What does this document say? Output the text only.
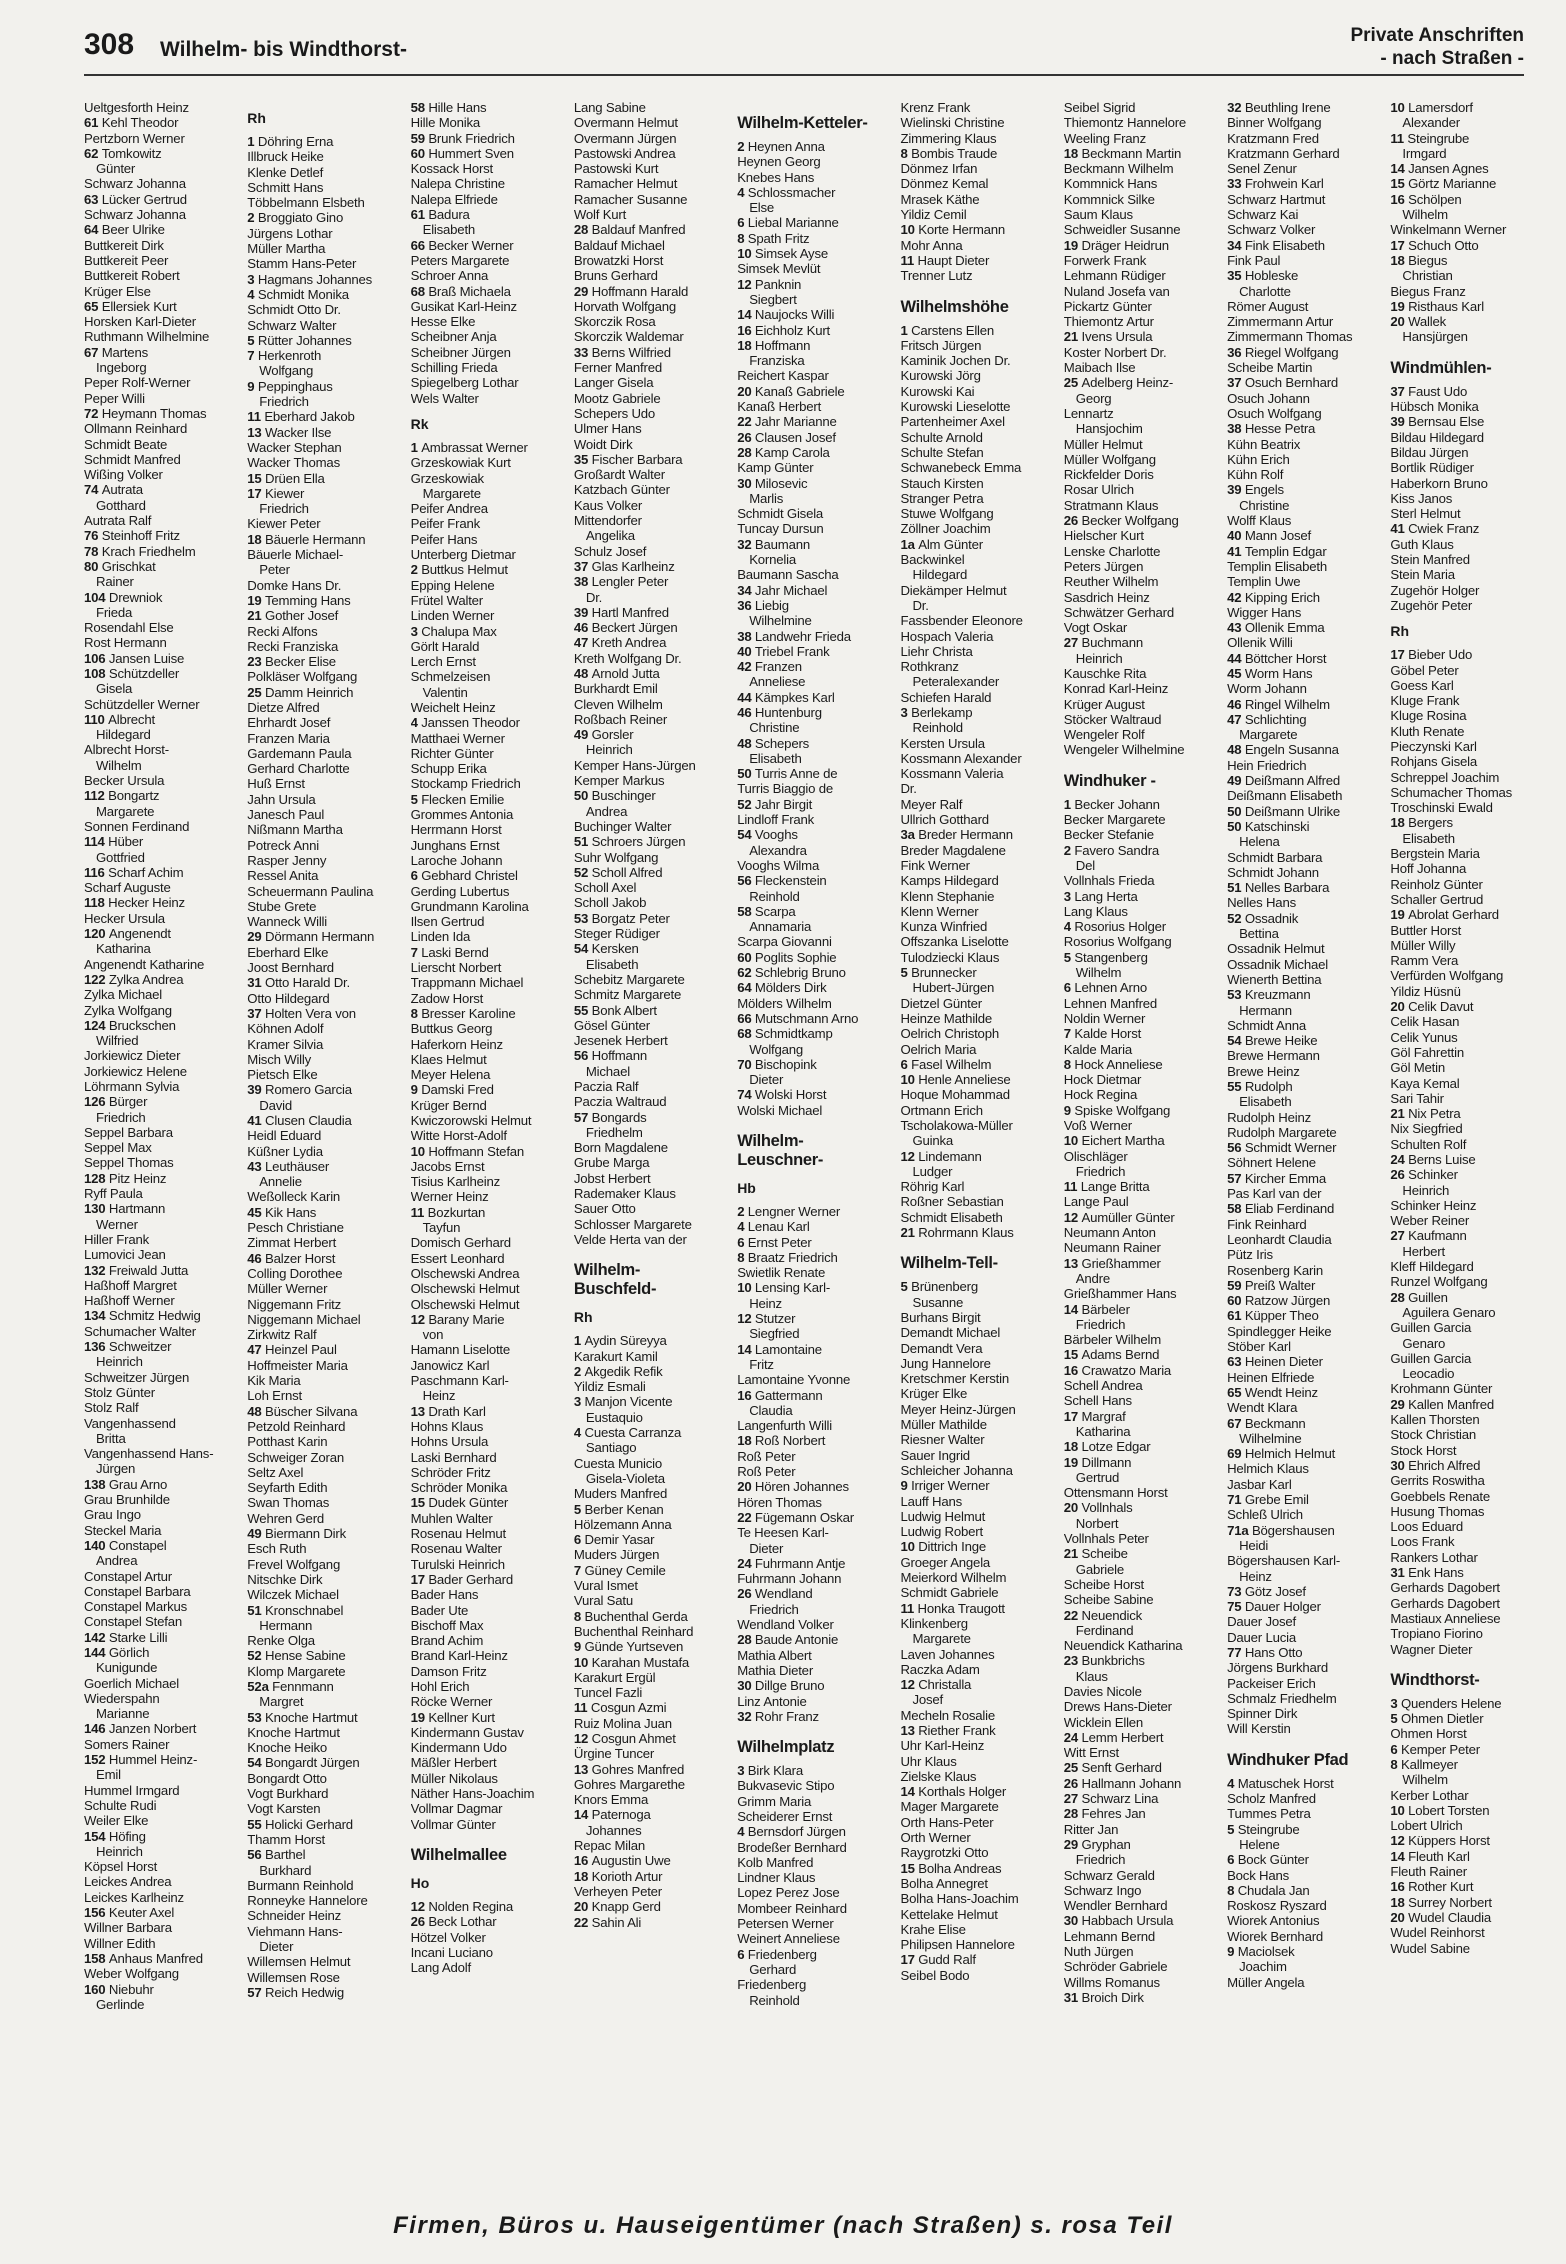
308 Wilhelm- bis Windthorst-
Private Anschriften
- nach Straßen -
Ueltgesforth Heinz
61 Kehl Theodor
Pertzborn Werner
62 Tomkowitz
Günter
Schwarz Johanna
63 Lücker Gertrud
Schwarz Johanna
64 Beer Ulrike
Buttkereit Dirk
Buttkereit Peer
Buttkereit Robert
Krüger Else
65 Ellersiek Kurt
Horsken Karl-Dieter
Ruthmann Wilhelmine
67 Martens
Ingeborg
Peper Rolf-Werner
Peper Willi
72 Heymann Thomas
Ollmann Reinhard
Schmidt Beate
Schmidt Manfred
Wißing Volker
74 Autrata
Gotthard
Autrata Ralf
76 Steinhoff Fritz
78 Krach Friedhelm
80 Grischkat
Rainer
104 Drewniok
Frieda
Rosendahl Else
Rost Hermann
106 Jansen Luise
108 Schützdeller
Gisela
Schützdeller Werner
110 Albrecht
Hildegard
Albrecht Horst-
Wilhelm
Becker Ursula
112 Bongartz
Margarete
Sonnen Ferdinand
114 Hüber
Gottfried
116 Scharf Achim
Scharf Auguste
118 Hecker Heinz
Hecker Ursula
120 Angenendt
Katharina
Angenendt Katharine
122 Zylka Andrea
Zylka Michael
Zylka Wolfgang
124 Bruckschen
Wilfried
Jorkiewicz Dieter
Jorkiewicz Helene
Löhrmann Sylvia
126 Bürger
Friedrich
Seppel Barbara
Seppel Max
Seppel Thomas
128 Pitz Heinz
Ryff Paula
130 Hartmann
Werner
Hiller Frank
Lumovici Jean
132 Freiwald Jutta
Haßhoff Margret
Haßhoff Werner
134 Schmitz Hedwig
Schumacher Walter
136 Schweitzer
Heinrich
Schweitzer Jürgen
Stolz Günter
Stolz Ralf
Vangenhassend
Britta
Vangenhassend Hans-
Jürgen
138 Grau Arno
Grau Brunhilde
Grau Ingo
Steckel Maria
140 Constapel
Andrea
Constapel Artur
Constapel Barbara
Constapel Markus
Constapel Stefan
142 Starke Lilli
144 Görlich
Kunigunde
Goerlich Michael
Wiederspahn
Marianne
146 Janzen Norbert
Somers Rainer
152 Hummel Heinz-
Emil
Hummel Irmgard
Schulte Rudi
Weiler Elke
154 Höfing
Heinrich
Köpsel Horst
Leickes Andrea
Leickes Karlheinz
156 Keuter Axel
Willner Barbara
Willner Edith
158 Anhaus Manfred
Weber Wolfgang
160 Niebuhr
Gerlinde
Rh
1 Döhring Erna
Illbruck Heike
Klenke Detlef
Schmitt Hans
Többelmann Elsbeth
2 Broggiato Gino
Jürgens Lothar
Müller Martha
Stamm Hans-Peter
3 Hagmans Johannes
4 Schmidt Monika
Schmidt Otto Dr.
Schwarz Walter
5 Rütter Johannes
7 Herkenroth
Wolfgang
9 Peppinghaus
Friedrich
11 Eberhard Jakob
13 Wacker Ilse
Wacker Stephan
Wacker Thomas
15 Drüen Ella
17 Kiewer
Friedrich
Kiewer Peter
18 Bäuerle Hermann
Bäuerle Michael-
Peter
Domke Hans Dr.
19 Temming Hans
21 Gother Josef
Recki Alfons
Recki Franziska
23 Becker Elise
Polkläser Wolfgang
25 Damm Heinrich
Dietze Alfred
Ehrhardt Josef
Franzen Maria
Gardemann Paula
Gerhard Charlotte
Huß Ernst
Jahn Ursula
Janesch Paul
Nißmann Martha
Potreck Anni
Rasper Jenny
Ressel Anita
Scheuermann Paulina
Stube Grete
Wanneck Willi
29 Dörmann Hermann
Eberhard Elke
Joost Bernhard
31 Otto Harald Dr.
Otto Hildegard
37 Holten Vera von
Köhnen Adolf
Kramer Silvia
Misch Willy
Pietsch Elke
39 Romero Garcia
David
41 Clusen Claudia
Heidl Eduard
Küßner Lydia
43 Leuthäuser
Annelie
Weßolleck Karin
45 Kik Hans
Pesch Christiane
Zimmat Herbert
46 Balzer Horst
Colling Dorothee
Müller Werner
Niggemann Fritz
Niggemann Michael
Zirkwitz Ralf
47 Heinzel Paul
Hoffmeister Maria
Kik Maria
Loh Ernst
48 Büscher Silvana
Petzold Reinhard
Potthast Karin
Schweiger Zoran
Seltz Axel
Seyfarth Edith
Swan Thomas
Wehren Gerd
49 Biermann Dirk
Esch Ruth
Frevel Wolfgang
Nitschke Dirk
Wilczek Michael
51 Kronschnabel
Hermann
Renke Olga
52 Hense Sabine
Klomp Margarete
52a Fennmann
Margret
53 Knoche Hartmut
Knoche Hartmut
Knoche Heiko
54 Bongardt Jürgen
Bongardt Otto
Vogt Burkhard
Vogt Karsten
55 Holicki Gerhard
Thamm Horst
56 Barthel
Burkhard
Burmann Reinhold
Ronneyke Hannelore
Schneider Heinz
Viehmann Hans-
Dieter
Willemsen Helmut
Willemsen Rose
57 Reich Hedwig
58 Hille Hans
Hille Monika
59 Brunk Friedrich
60 Hummert Sven
Kossack Horst
Nalepa Christine
Nalepa Elfriede
61 Badura
Elisabeth
66 Becker Werner
Peters Margarete
Schroer Anna
68 Braß Michaela
Gusikat Karl-Heinz
Hesse Elke
Scheibner Anja
Scheibner Jürgen
Schilling Frieda
Spiegelberg Lothar
Wels Walter
Rk
1 Ambrassat Werner
Grzeskowiak Kurt
Grzeskowiak
Margarete
Peifer Andrea
Peifer Frank
Peifer Hans
Unterberg Dietmar
2 Buttkus Helmut
Epping Helene
Frütel Walter
Linden Werner
3 Chalupa Max
Görlt Harald
Lerch Ernst
Schmelzeisen
Valentin
Weichelt Heinz
4 Janssen Theodor
Matthaei Werner
Richter Günter
Schupp Erika
Stockamp Friedrich
5 Flecken Emilie
Grommes Antonia
Herrmann Horst
Junghans Ernst
Laroche Johann
6 Gebhard Christel
Gerding Lubertus
Grundmann Karolina
Ilsen Gertrud
Linden Ida
7 Laski Bernd
Lierscht Norbert
Trappmann Michael
Zadow Horst
8 Bresser Karoline
Buttkus Georg
Haferkorn Heinz
Klaes Helmut
Meyer Helena
9 Damski Fred
Krüger Bernd
Kwiczorowski Helmut
Witte Horst-Adolf
10 Hoffmann Stefan
Jacobs Ernst
Tisius Karlheinz
Werner Heinz
11 Bozkurtan
Tayfun
Domisch Gerhard
Essert Leonhard
Olschewski Andrea
Olschewski Helmut
Olschewski Helmut
12 Barany Marie
von
Hamann Liselotte
Janowicz Karl
Paschmann Karl-
Heinz
13 Drath Karl
Hohns Klaus
Hohns Ursula
Laski Bernhard
Schröder Fritz
Schröder Monika
15 Dudek Günter
Muhlen Walter
Rosenau Helmut
Rosenau Walter
Turulski Heinrich
17 Bader Gerhard
Bader Hans
Bader Ute
Bischoff Max
Brand Achim
Brand Karl-Heinz
Damson Fritz
Hohl Erich
Röcke Werner
19 Kellner Kurt
Kindermann Gustav
Kindermann Udo
Mäßler Herbert
Müller Nikolaus
Näther Hans-Joachim
Vollmar Dagmar
Vollmar Günter
Wilhelmallee
Ho
12 Nolden Regina
26 Beck Lothar
Hötzel Volker
Incani Luciano
Lang Adolf
Lang Sabine
Overmann Helmut
Overmann Jürgen
Pastowski Andrea
Pastowski Kurt
Ramacher Helmut
Ramacher Susanne
Wolf Kurt
28 Baldauf Manfred
Baldauf Michael
Browatzki Horst
Bruns Gerhard
29 Hoffmann Harald
Horvath Wolfgang
Skorczik Rosa
Skorczik Waldemar
33 Berns Wilfried
Ferner Manfred
Langer Gisela
Mootz Gabriele
Schepers Udo
Ulmer Hans
Woidt Dirk
35 Fischer Barbara
Großardt Walter
Katzbach Günter
Kaus Volker
Mittendorfer
Angelika
Schulz Josef
37 Glas Karlheinz
38 Lengler Peter
Dr.
39 Hartl Manfred
46 Beckert Jürgen
47 Kreth Andrea
Kreth Wolfgang Dr.
48 Arnold Jutta
Burkhardt Emil
Cleven Wilhelm
Roßbach Reiner
49 Gorsler
Heinrich
Kemper Hans-Jürgen
Kemper Markus
50 Buschinger
Andrea
Buchinger Walter
51 Schroers Jürgen
Suhr Wolfgang
52 Scholl Alfred
Scholl Axel
Scholl Jakob
53 Borgatz Peter
Steger Rüdiger
54 Kersken
Elisabeth
Schebitz Margarete
Schmitz Margarete
55 Bonk Albert
Gösel Günter
Jesenek Herbert
56 Hoffmann
Michael
Paczia Ralf
Paczia Waltraud
57 Bongards
Friedhelm
Born Magdalene
Grube Marga
Jobst Herbert
Rademaker Klaus
Sauer Otto
Schlosser Margarete
Velde Herta van der
Wilhelm-
Buschfeld-
Rh
1 Aydin Süreyya
Karakurt Kamil
2 Akgedik Refik
Yildiz Esmali
3 Manjon Vicente
Eustaquio
4 Cuesta Carranza
Santiago
Cuesta Municio
Gisela-Violeta
Muders Manfred
5 Berber Kenan
Hölzemann Anna
6 Demir Yasar
Muders Jürgen
7 Güney Cemile
Vural Ismet
Vural Satu
8 Buchenthal Gerda
Buchenthal Reinhard
9 Günde Yurtseven
10 Karahan Mustafa
Karakurt Ergül
Tuncel Fazli
11 Cosgun Azmi
Ruiz Molina Juan
12 Cosgun Ahmet
Ürgine Tuncer
13 Gohres Manfred
Gohres Margarethe
Knors Emma
14 Paternoga
Johannes
Repac Milan
16 Augustin Uwe
18 Korioth Artur
Verheyen Peter
20 Knapp Gerd
22 Sahin Ali
Wilhelm-Ketteler-
2 Heynen Anna
Heynen Georg
Knebes Hans
4 Schlossmacher
Else
6 Liebal Marianne
8 Spath Fritz
10 Simsek Ayse
Simsek Mevlüt
12 Panknin
Siegbert
14 Naujocks Willi
16 Eichholz Kurt
18 Hoffmann
Franziska
Reichert Kaspar
20 Kanaß Gabriele
Kanaß Herbert
22 Jahr Marianne
26 Clausen Josef
28 Kamp Carola
Kamp Günter
30 Milosevic
Marlis
Schmidt Gisela
Tuncay Dursun
32 Baumann
Kornelia
Baumann Sascha
34 Jahr Michael
36 Liebig
Wilhelmine
38 Landwehr Frieda
40 Triebel Frank
42 Franzen
Anneliese
44 Kämpkes Karl
46 Huntenburg
Christine
48 Schepers
Elisabeth
50 Turris Anne de
Turris Biaggio de
52 Jahr Birgit
Lindloff Frank
54 Vooghs
Alexandra
Vooghs Wilma
56 Fleckenstein
Reinhold
58 Scarpa
Annamaria
Scarpa Giovanni
60 Poglits Sophie
62 Schlebrig Bruno
64 Mölders Dirk
Mölders Wilhelm
66 Mutschmann Arno
68 Schmidtkamp
Wolfgang
70 Bischopink
Dieter
74 Wolski Horst
Wolski Michael
Wilhelm-
Leuschner-
Hb
2 Lengner Werner
4 Lenau Karl
6 Ernst Peter
8 Braatz Friedrich
Swietlik Renate
10 Lensing Karl-
Heinz
12 Stutzer
Siegfried
14 Lamontaine
Fritz
Lamontaine Yvonne
16 Gattermann
Claudia
Langenfurth Willi
18 Roß Norbert
Roß Peter
Roß Peter
20 Hören Johannes
Hören Thomas
22 Fügemann Oskar
Te Heesen Karl-
Dieter
24 Fuhrmann Antje
Fuhrmann Johann
26 Wendland
Friedrich
Wendland Volker
28 Baude Antonie
Mathia Albert
Mathia Dieter
30 Dillge Bruno
Linz Antonie
32 Rohr Franz
Wilhelmplatz
3 Birk Klara
Bukvasevic Stipo
Grimm Maria
Scheiderer Ernst
4 Bernsdorf Jürgen
Brodeßer Bernhard
Kolb Manfred
Lindner Klaus
Lopez Perez Jose
Mombeer Reinhard
Petersen Werner
Weinert Anneliese
6 Friedenberg
Gerhard
Friedenberg
Reinhold
Krenz Frank
Wielinski Christine
Zimmering Klaus
8 Bombis Traude
Dönmez Irfan
Dönmez Kemal
Mrasek Käthe
Yildiz Cemil
10 Korte Hermann
Mohr Anna
11 Haupt Dieter
Trenner Lutz
Wilhelmshöhe
1 Carstens Ellen
Fritsch Jürgen
Kaminik Jochen Dr.
Kurowski Jörg
Kurowski Kai
Kurowski Lieselotte
Partenheimer Axel
Schulte Arnold
Schulte Stefan
Schwanebeck Emma
Stauch Kirsten
Stranger Petra
Stuwe Wolfgang
Zöllner Joachim
1a Alm Günter
Backwinkel
Hildegard
Diekämper Helmut
Dr.
Fassbender Eleonore
Hospach Valeria
Liehr Christa
Rothkranz
Peteralexander
Schiefen Harald
3 Berlekamp
Reinhold
Kersten Ursula
Kossmann Alexander
Kossmann Valeria
Dr.
Meyer Ralf
Ullrich Gotthard
3a Breder Hermann
Breder Magdalene
Fink Werner
Kamps Hildegard
Klenn Stephanie
Klenn Werner
Kunza Winfried
Offszanka Liselotte
Tulodziecki Klaus
5 Brunnecker
Hubert-Jürgen
Dietzel Günter
Heinze Mathilde
Oelrich Christoph
Oelrich Maria
6 Fasel Wilhelm
10 Henle Anneliese
Hoque Mohammad
Ortmann Erich
Tscholakowa-Müller
Guinka
12 Lindemann
Ludger
Röhrig Karl
Roßner Sebastian
Schmidt Elisabeth
21 Rohrmann Klaus
Wilhelm-Tell-
5 Brünenberg
Susanne
Burhans Birgit
Demandt Michael
Demandt Vera
Jung Hannelore
Kretschmer Kerstin
Krüger Elke
Meyer Heinz-Jürgen
Müller Mathilde
Riesner Walter
Sauer Ingrid
Schleicher Johanna
9 Irriger Werner
Lauff Hans
Ludwig Helmut
Ludwig Robert
10 Dittrich Inge
Groeger Angela
Meierkord Wilhelm
Schmidt Gabriele
11 Honka Traugott
Klinkenberg
Margarete
Laven Johannes
Raczka Adam
12 Christalla
Josef
Mecheln Rosalie
13 Riether Frank
Uhr Karl-Heinz
Uhr Klaus
Zielske Klaus
14 Korthals Holger
Mager Margarete
Orth Hans-Peter
Orth Werner
Raygrotzki Otto
15 Bolha Andreas
Bolha Annegret
Bolha Hans-Joachim
Kettelake Helmut
Krahe Elise
Philipsen Hannelore
17 Gudd Ralf
Seibel Bodo
Seibel Sigrid
Thiemontz Hannelore
Weeling Franz
18 Beckmann Martin
Beckmann Wilhelm
Kommnick Hans
Kommnick Silke
Saum Klaus
Schweidler Susanne
19 Dräger Heidrun
Forwerk Frank
Lehmann Rüdiger
Nuland Josefa van
Pickartz Günter
Thiemontz Artur
21 Ivens Ursula
Koster Norbert Dr.
Maibach Ilse
25 Adelberg Heinz-
Georg
Lennartz
Hansjochim
Müller Helmut
Müller Wolfgang
Rickfelder Doris
Rosar Ulrich
Stratmann Klaus
26 Becker Wolfgang
Hielscher Kurt
Lenske Charlotte
Peters Jürgen
Reuther Wilhelm
Sasdrich Heinz
Schwätzer Gerhard
Vogt Oskar
27 Buchmann
Heinrich
Kauschke Rita
Konrad Karl-Heinz
Krüger August
Stöcker Waltraud
Wengeler Rolf
Wengeler Wilhelmine
Windhuker -
1 Becker Johann
Becker Margarete
Becker Stefanie
2 Favero Sandra
Del
Vollnhals Frieda
3 Lang Herta
Lang Klaus
4 Rosorius Holger
Rosorius Wolfgang
5 Stangenberg
Wilhelm
6 Lehnen Arno
Lehnen Manfred
Noldin Werner
7 Kalde Horst
Kalde Maria
8 Hock Anneliese
Hock Dietmar
Hock Regina
9 Spiske Wolfgang
Voß Werner
10 Eichert Martha
Olischläger
Friedrich
11 Lange Britta
Lange Paul
12 Aumüller Günter
Neumann Anton
Neumann Rainer
13 Grießhammer
Andre
Grießhammer Hans
14 Bärbeler
Friedrich
Bärbeler Wilhelm
15 Adams Bernd
16 Crawatzo Maria
Schell Andrea
Schell Hans
17 Margraf
Katharina
18 Lotze Edgar
19 Dillmann
Gertrud
Ottensmann Horst
20 Vollnhals
Norbert
Vollnhals Peter
21 Scheibe
Gabriele
Scheibe Horst
Scheibe Sabine
22 Neuendick
Ferdinand
Neuendick Katharina
23 Bunkbrichs
Klaus
Davies Nicole
Drews Hans-Dieter
Wicklein Ellen
24 Lemm Herbert
Witt Ernst
25 Senft Gerhard
26 Hallmann Johann
27 Schwarz Lina
28 Fehres Jan
Ritter Jan
29 Gryphan
Friedrich
Schwarz Gerald
Schwarz Ingo
Wendler Bernhard
30 Habbach Ursula
Lehmann Bernd
Nuth Jürgen
Schröder Gabriele
Willms Romanus
31 Broich Dirk
32 Beuthling Irene
Binner Wolfgang
Kratzmann Fred
Kratzmann Gerhard
Senel Zenur
33 Frohwein Karl
Schwarz Hartmut
Schwarz Kai
Schwarz Volker
34 Fink Elisabeth
Fink Paul
35 Hobleske
Charlotte
Römer August
Zimmermann Artur
Zimmermann Thomas
36 Riegel Wolfgang
Scheibe Martin
37 Osuch Bernhard
Osuch Johann
Osuch Wolfgang
38 Hesse Petra
Kühn Beatrix
Kühn Erich
Kühn Rolf
39 Engels
Christine
Wolff Klaus
40 Mann Josef
41 Templin Edgar
Templin Elisabeth
Templin Uwe
42 Kipping Erich
Wigger Hans
43 Ollenik Emma
Ollenik Willi
44 Böttcher Horst
45 Worm Hans
Worm Johann
46 Ringel Wilhelm
47 Schlichting
Margarete
48 Engeln Susanna
Hein Friedrich
49 Deißmann Alfred
Deißmann Elisabeth
50 Deißmann Ulrike
50 Katschinski
Helena
Schmidt Barbara
Schmidt Johann
51 Nelles Barbara
Nelles Hans
52 Ossadnik
Bettina
Ossadnik Helmut
Ossadnik Michael
Wienerth Bettina
53 Kreuzmann
Hermann
Schmidt Anna
54 Brewe Heike
Brewe Hermann
Brewe Heinz
55 Rudolph
Elisabeth
Rudolph Heinz
Rudolph Margarete
56 Schmidt Werner
Söhnert Helene
57 Kircher Emma
Pas Karl van der
58 Eliab Ferdinand
Fink Reinhard
Leonhardt Claudia
Pütz Iris
Rosenberg Karin
59 Preiß Walter
60 Ratzow Jürgen
61 Küpper Theo
Spindlegger Heike
Stöber Karl
63 Heinen Dieter
Heinen Elfriede
65 Wendt Heinz
Wendt Klara
67 Beckmann
Wilhelmine
69 Helmich Helmut
Helmich Klaus
Jasbar Karl
71 Grebe Emil
Schleß Ulrich
71a Bögershausen
Heidi
Bögershausen Karl-
Heinz
73 Götz Josef
75 Dauer Holger
Dauer Josef
Dauer Lucia
77 Hans Otto
Jörgens Burkhard
Packeiser Erich
Schmalz Friedhelm
Spinner Dirk
Will Kerstin
Windhuker Pfad
4 Matuschek Horst
Scholz Manfred
Tummes Petra
5 Steingrube
Helene
6 Bock Günter
Bock Hans
8 Chudala Jan
Roskosz Ryszard
Wiorek Antonius
Wiorek Bernhard
9 Maciolsek
Joachim
Müller Angela
10 Lamersdorf
Alexander
11 Steingrube
Irmgard
14 Jansen Agnes
15 Görtz Marianne
16 Schölpen
Wilhelm
Winkelmann Werner
17 Schuch Otto
18 Biegus
Christian
Biegus Franz
19 Risthaus Karl
20 Wallek
Hansjürgen
Windmühlen-
37 Faust Udo
Hübsch Monika
39 Bernsau Else
Bildau Hildegard
Bildau Jürgen
Bortlik Rüdiger
Haberkorn Bruno
Kiss Janos
Sterl Helmut
41 Cwiek Franz
Guth Klaus
Stein Manfred
Stein Maria
Zugehör Holger
Zugehör Peter
Rh
17 Bieber Udo
Göbel Peter
Goess Karl
Kluge Frank
Kluge Rosina
Kluth Renate
Pieczynski Karl
Rohjans Gisela
Schreppel Joachim
Schumacher Thomas
Troschinski Ewald
18 Bergers
Elisabeth
Bergstein Maria
Hoff Johanna
Reinholz Günter
Schaller Gertrud
19 Abrolat Gerhard
Buttler Horst
Müller Willy
Ramm Vera
Verfürden Wolfgang
Yildiz Hüsnü
20 Celik Davut
Celik Hasan
Celik Yunus
Göl Fahrettin
Göl Metin
Kaya Kemal
Sari Tahir
21 Nix Petra
Nix Siegfried
Schulten Rolf
24 Berns Luise
26 Schinker
Heinrich
Schinker Heinz
Weber Reiner
27 Kaufmann
Herbert
Kleff Hildegard
Runzel Wolfgang
28 Guillen
Aguilera Genaro
Guillen Garcia
Genaro
Guillen Garcia
Leocadio
Krohmann Günter
29 Kallen Manfred
Kallen Thorsten
Stock Christian
Stock Horst
30 Ehrich Alfred
Gerrits Roswitha
Goebbels Renate
Husung Thomas
Loos Eduard
Loos Frank
Rankers Lothar
31 Enk Hans
Gerhards Dagobert
Gerhards Dagobert
Mastiaux Anneliese
Tropiano Fiorino
Wagner Dieter
Windthorst-
3 Quenders Helene
5 Ohmen Dietler
Ohmen Horst
6 Kemper Peter
8 Kallmeyer
Wilhelm
Kerber Lothar
10 Lobert Torsten
Lobert Ulrich
12 Küppers Horst
14 Fleuth Karl
Fleuth Rainer
16 Rother Kurt
18 Surrey Norbert
20 Wudel Claudia
Wudel Reinhorst
Wudel Sabine
Firmen, Büros u. Hauseigentümer (nach Straßen) s. rosa Teil
